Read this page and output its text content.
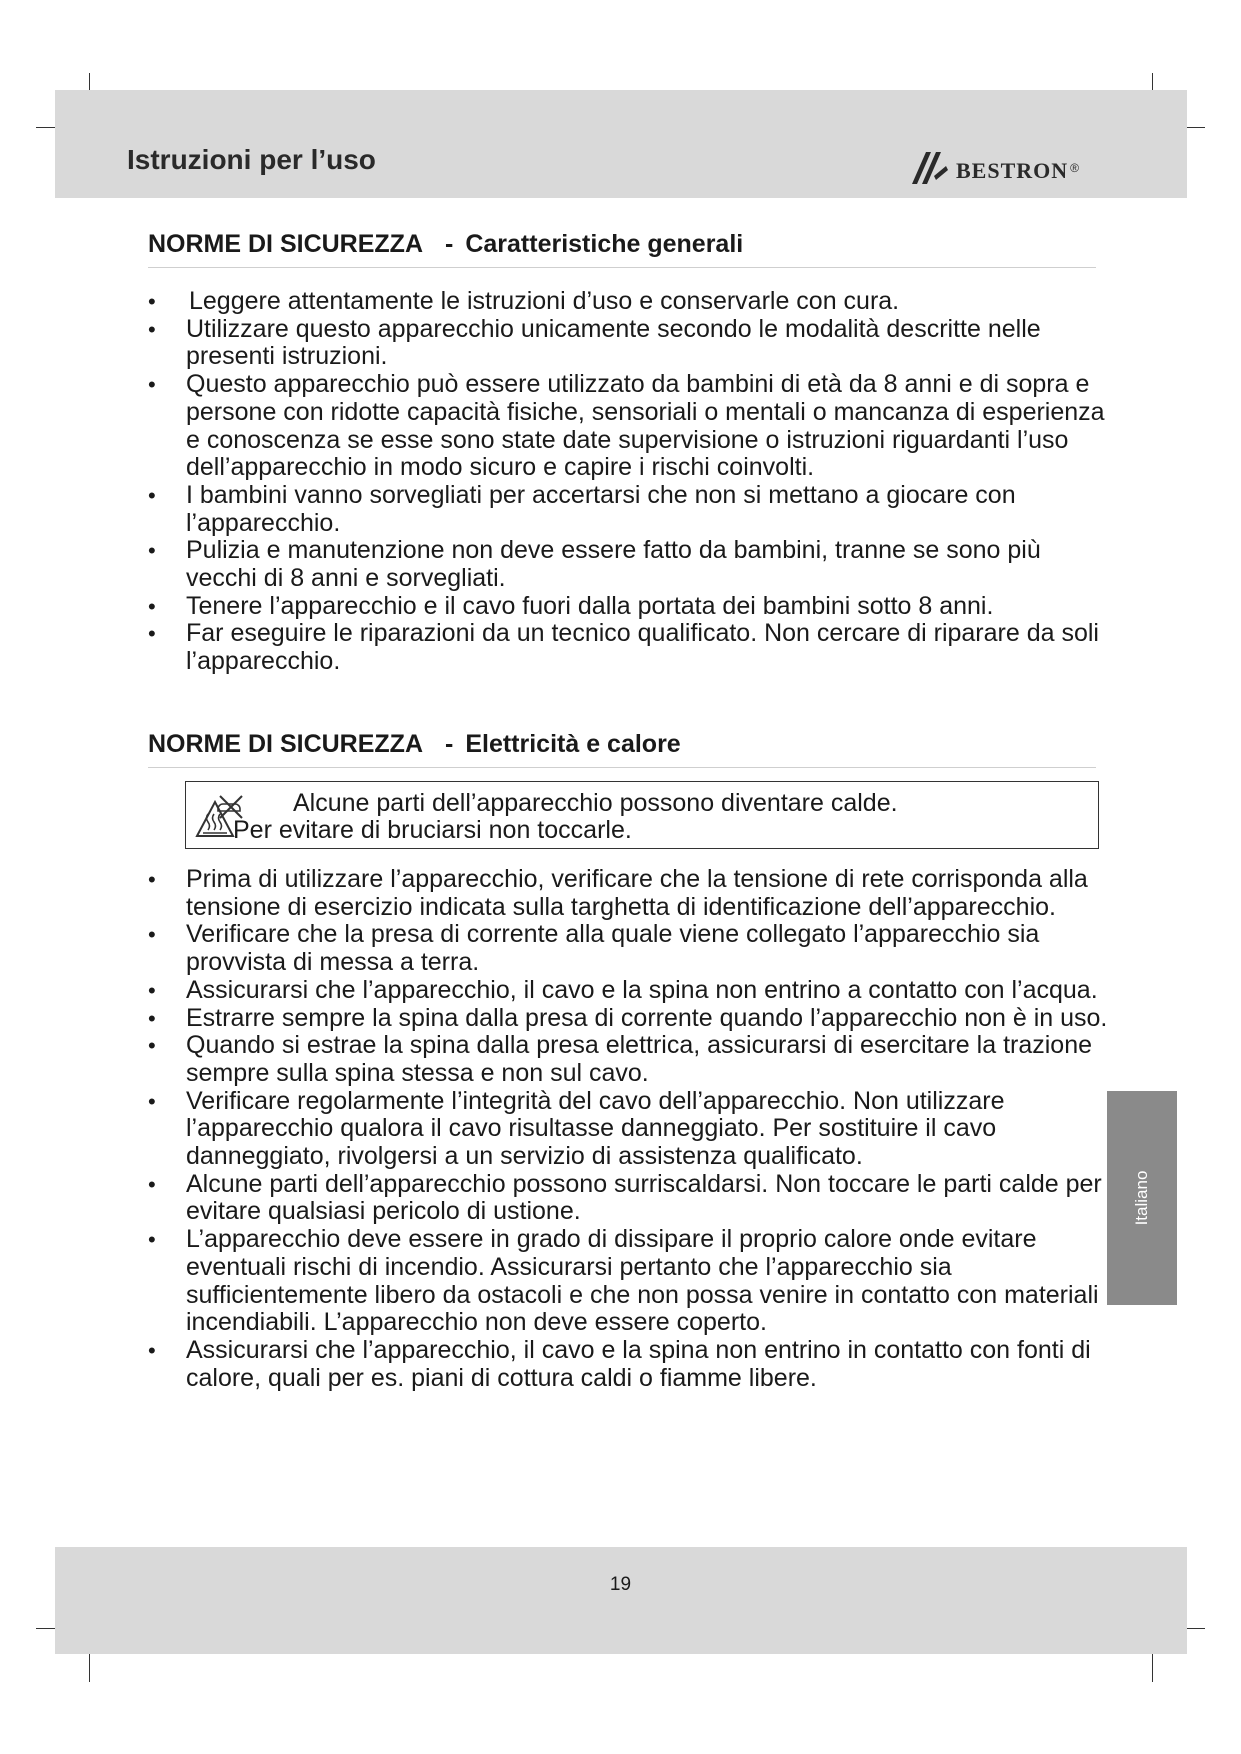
Istruzioni per l’uso	bestron ®
NORME DI SICUREZZA - Caratteristiche generali
• Leggere attentamente le istruzioni d’uso e conservarle con cura.
• Utilizzare questo apparecchio unicamente secondo le modalità descritte nelle presenti istruzioni.
• Questo apparecchio può essere utilizzato da bambini di età da 8 anni e di sopra e persone con ridotte capacità fisiche, sensoriali o mentali o mancanza di esperienza e conoscenza se esse sono state date supervisione o istruzioni riguardanti l’uso dell’apparecchio in modo sicuro e capire i rischi coinvolti.
• I bambini vanno sorvegliati per accertarsi che non si mettano a giocare con l’apparecchio.
• Pulizia e manutenzione non deve essere fatto da bambini, tranne se sono più vecchi di 8 anni e sorvegliati.
• Tenere l’apparecchio e il cavo fuori dalla portata dei bambini sotto 8 anni.
• Far eseguire le riparazioni da un tecnico qualificato. Non cercare di riparare da soli l’apparecchio.
NORME DI SICUREZZA - Elettricità e calore
Alcune parti dell’apparecchio possono diventare calde.
Per evitare di bruciarsi non toccarle.
• Prima di utilizzare l’apparecchio, verificare che la tensione di rete corrisponda alla tensione di esercizio indicata sulla targhetta di identificazione dell’apparecchio.
• Verificare che la presa di corrente alla quale viene collegato l’apparecchio sia provvista di messa a terra.
• Assicurarsi che l’apparecchio, il cavo e la spina non entrino a contatto con l’acqua.
• Estrarre sempre la spina dalla presa di corrente quando l’apparecchio non è in uso.
• Quando si estrae la spina dalla presa elettrica, assicurarsi di esercitare la trazione sempre sulla spina stessa e non sul cavo.
• Verificare regolarmente l’integrità del cavo dell’apparecchio. Non utilizzare l’apparecchio qualora il cavo risultasse danneggiato. Per sostituire il cavo danneggiato, rivolgersi a un servizio di assistenza qualificato.
• Alcune parti dell’apparecchio possono surriscaldarsi. Non toccare le parti calde per evitare qualsiasi pericolo di ustione.
• L’apparecchio deve essere in grado di dissipare il proprio calore onde evitare eventuali rischi di incendio. Assicurarsi pertanto che l’apparecchio sia sufficientemente libero da ostacoli e che non possa venire in contatto con materiali incendiabili. L’apparecchio non deve essere coperto.
• Assicurarsi che l’apparecchio, il cavo e la spina non entrino in contatto con fonti di calore, quali per es. piani di cottura caldi o fiamme libere.
Italiano
19
